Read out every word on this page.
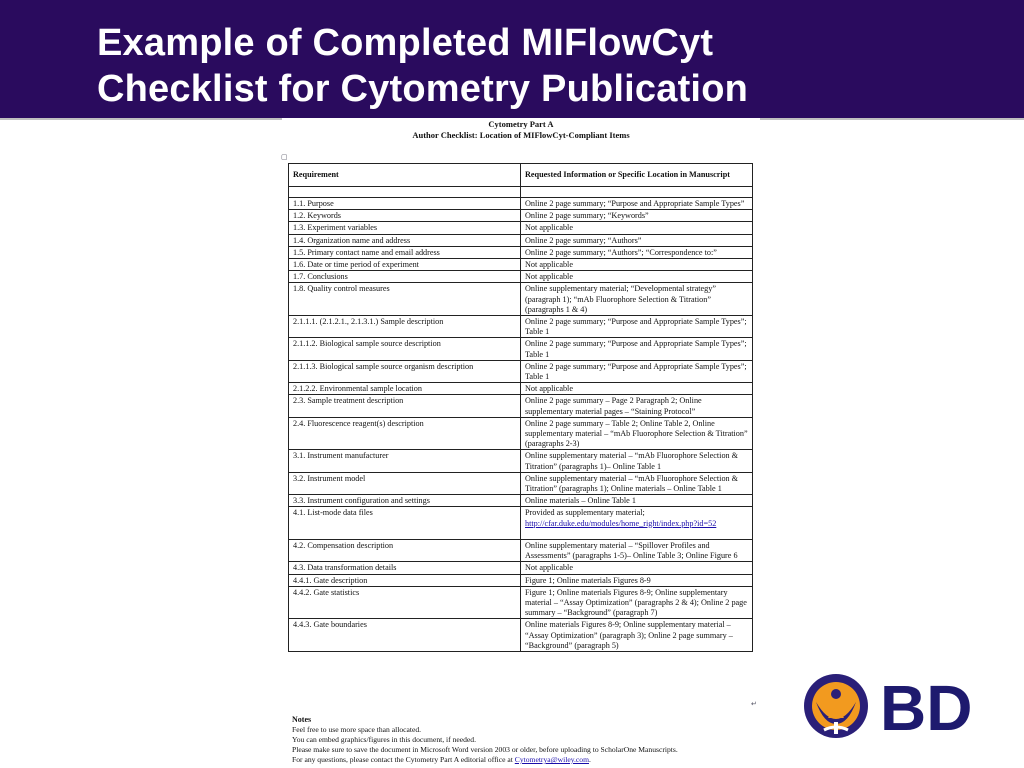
Example of Completed MIFlowCyt
Checklist for Cytometry Publication
Cytometry Part A
Author Checklist: Location of MIFlowCyt-Compliant Items
▢
Requirement	Requested Information or Specific Location in Manuscript

1.1. Purpose	Online 2 page summary; “Purpose and Appropriate Sample Types”
1.2. Keywords	Online 2 page summary; “Keywords”
1.3. Experiment variables	Not applicable
1.4. Organization name and address	Online 2 page summary; “Authors”
1.5. Primary contact name and email address	Online 2 page summary; “Authors”; “Correspondence to:”
1.6. Date or time period of experiment	Not applicable
1.7. Conclusions	Not applicable
1.8. Quality control measures	Online supplementary material; “Developmental strategy” (paragraph 1); “mAb Fluorophore Selection & Titration” (paragraphs 1 & 4)
2.1.1.1. (2.1.2.1., 2.1.3.1.) Sample description	Online 2 page summary; “Purpose and Appropriate Sample Types”; Table 1
2.1.1.2. Biological sample source description	Online 2 page summary; “Purpose and Appropriate Sample Types”; Table 1
2.1.1.3. Biological sample source organism description	Online 2 page summary; “Purpose and Appropriate Sample Types”; Table 1
2.1.2.2. Environmental sample location	Not applicable
2.3. Sample treatment description	Online 2 page summary – Page 2 Paragraph 2; Online supplementary material pages – “Staining Protocol”
2.4. Fluorescence reagent(s) description	Online 2 page summary – Table 2; Online Table 2, Online supplementary material – “mAb Fluorophore Selection & Titration” (paragraphs 2-3)
3.1. Instrument manufacturer	Online supplementary material – “mAb Fluorophore Selection & Titration” (paragraphs 1)– Online Table 1
3.2. Instrument model	Online supplementary material – “mAb Fluorophore Selection & Titration” (paragraphs 1); Online materials – Online Table 1
3.3. Instrument configuration and settings	Online materials – Online Table 1
4.1. List-mode data files	Provided as supplementary material;
http://cfar.duke.edu/modules/home_right/index.php?id=52

4.2. Compensation description	Online supplementary material – “Spillover Profiles and Assessments” (paragraphs 1-5)– Online Table 3; Online Figure 6
4.3. Data transformation details	Not applicable
4.4.1. Gate description	Figure 1; Online materials Figures 8-9
4.4.2. Gate statistics	Figure 1; Online materials Figures 8-9; Online supplementary material – “Assay Optimization” (paragraphs 2 & 4); Online 2 page summary – “Background” (paragraph 7)
4.4.3. Gate boundaries	Online materials Figures 8-9; Online supplementary material – “Assay Optimization” (paragraph 3); Online 2 page summary – “Background” (paragraph 5)
↵
Notes
Feel free to use more space than allocated.
You can embed graphics/figures in this document, if needed.
Please make sure to save the document in Microsoft Word version 2003 or older, before uploading to ScholarOne Manuscripts.
For any questions, please contact the Cytometry Part A editorial office at Cytometrya@wiley.com.
BD
